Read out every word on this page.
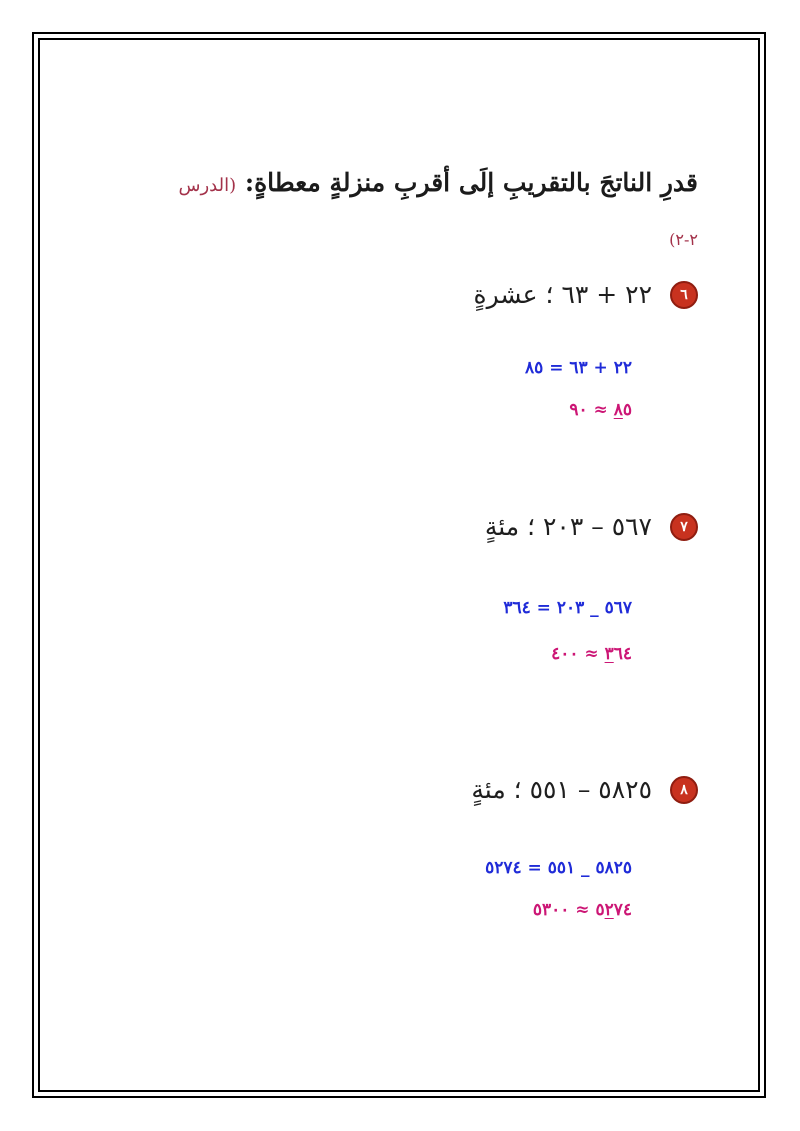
قدرِ الناتجَ بالتقريبِ إلَى أقربِ منزلةٍ معطاةٍ: (الدرس
٢-٢)
٦
٢٢ + ٦٣ ؛ عشرةٍ
٢٢ + ٦٣ = ٨٥
٨٥ ≈ ٩٠
٧
٥٦٧ – ٢٠٣ ؛ مئةٍ
٥٦٧ _ ٢٠٣ = ٣٦٤
٣٦٤ ≈ ٤٠٠
٨
٥٨٢٥ – ٥٥١ ؛ مئةٍ
٥٨٢٥ _ ٥٥١ = ٥٢٧٤
٥٢٧٤ ≈ ٥٣٠٠
